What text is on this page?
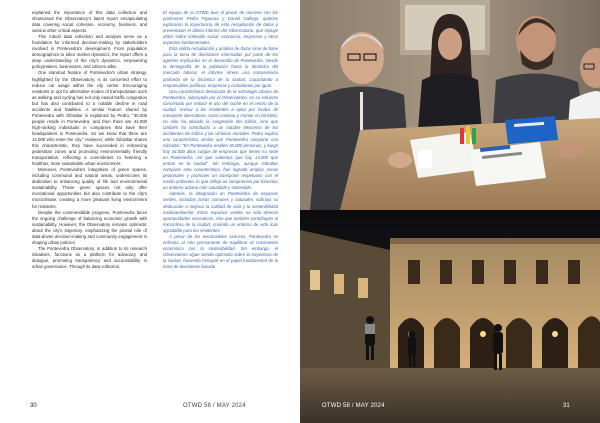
explained the importance of this data collection and showcased the Observatory's latest report encapsulating data covering social cohesion, economy, business, and various other critical aspects.

This robust data collection and analysis serve as a foundation for informed decision-making by stakeholders involved in Pontevedra's development. From population demographics to labor market dynamics, the report offers a deep understanding of the city's dynamics, empowering policymakers, businesses, and citizens alike.

One standout feature of Pontevedra's urban strategy, highlighted by the Observatory, is its concerted effort to reduce car usage within the city center. Encouraging residents to opt for alternative modes of transportation such as walking and cycling has not only eased traffic congestion but has also contributed to a notable decline in road accidents and fatalities. A similar feature shared by Pontevedra with Gibraltar is explained by Pedro: "30,000 people reside in Pontevedra, and then there are 44,000 high-ranking individuals in companies that have their headquarters in Pontevedra. So we know that there are 14,000 who enter the city." However, while Gibraltar shares this characteristic, they have succeeded in enhancing pedestrian zones and promoting environmentally friendly transportation, reflecting a commitment to fostering a healthier, more sustainable urban environment.

Moreover, Pontevedra's integration of green spaces, including communal and natural areas, underscores its dedication to enhancing quality of life and environmental sustainability. These green spaces not only offer recreational opportunities but also contribute to the city's microclimate, creating a more pleasant living environment for residents.

Despite the commendable progress, Pontevedra faces the ongoing challenge of balancing economic growth with sustainability. However, the Observatory remains optimistic about the city's trajectory, emphasizing the pivotal role of data-driven decision-making and community engagement in shaping urban policies.

The Pontevedra Observatory, in addition to its research initiatives, functions as a platform for advocacy and dialogue, promoting transparency and accountability in urban governance. Through its data collection,

El equipo de la OTWD tuvo el placer de reunirse con los profesores Pedro Figueroa y Daniel Gallego, quienes explicaron la importancia de esta recopilación de datos y presentaron el último informe del Observatorio, que incluye datos sobre cohesión social, economía, empresas y otros aspectos fundamentales.

Esta sólida recopilación y análisis de datos sirve de base para la toma de decisiones informadas por parte de los agentes implicados en el desarrollo de Pontevedra. Desde la demografía de la población hasta la dinámica del mercado laboral, el informe ofrece una comprensión profunda de la dinámica de la ciudad, capacitando a responsables políticos, empresas y ciudadanos por igual.

Una característica destacada de la estrategia urbana de Pontevedra, subrayada por el Observatorio, es su esfuerzo concertado por reducir el uso del coche en el centro de la ciudad. Animar a los residentes a optar por modos de transporte alternativos, como caminar y montar en bicicleta, no sólo ha aliviado la congestión del tráfico, sino que también ha contribuido a un notable descenso de los accidentes de tráfico y las víctimas mortales. Pedro explica una característica similar que Pontevedra comparte con Gibraltar: "En Pontevedra residen 30.000 personas, y luego hay 44.000 altos cargos de empresas que tienen su sede en Pontevedra. Así que sabemos que hay 14.000 que entran en la ciudad". Sin embargo, aunque Gibraltar comparte esta característica, han logrado ampliar zonas peatonales y promover un transporte respetuoso con el medio ambiente, lo que refleja un compromiso por fomentar un entorno urbano más saludable y sostenible.

Además, la integración en Pontevedra de espacios verdes, incluidas zonas comunes y naturales, subraya su dedicación a mejorar la calidad de vida y la sostenibilidad medioambiental. Estos espacios verdes no sólo ofrecen oportunidades recreativas, sino que también contribuyen al microclima de la ciudad, creando un entorno de vida más agradable para los residentes.

A pesar de los encomiables avances, Pontevedra se enfrenta al reto permanente de equilibrar el crecimiento económico con la sostenibilidad. Sin embargo, el Observatorio sigue siendo optimista sobre la trayectoria de la ciudad, haciendo hincapié en el papel fundamental de la toma de decisiones basada

30	OTWD 58 / MAY 2024	OTWD 58 / MAY 2024	31
